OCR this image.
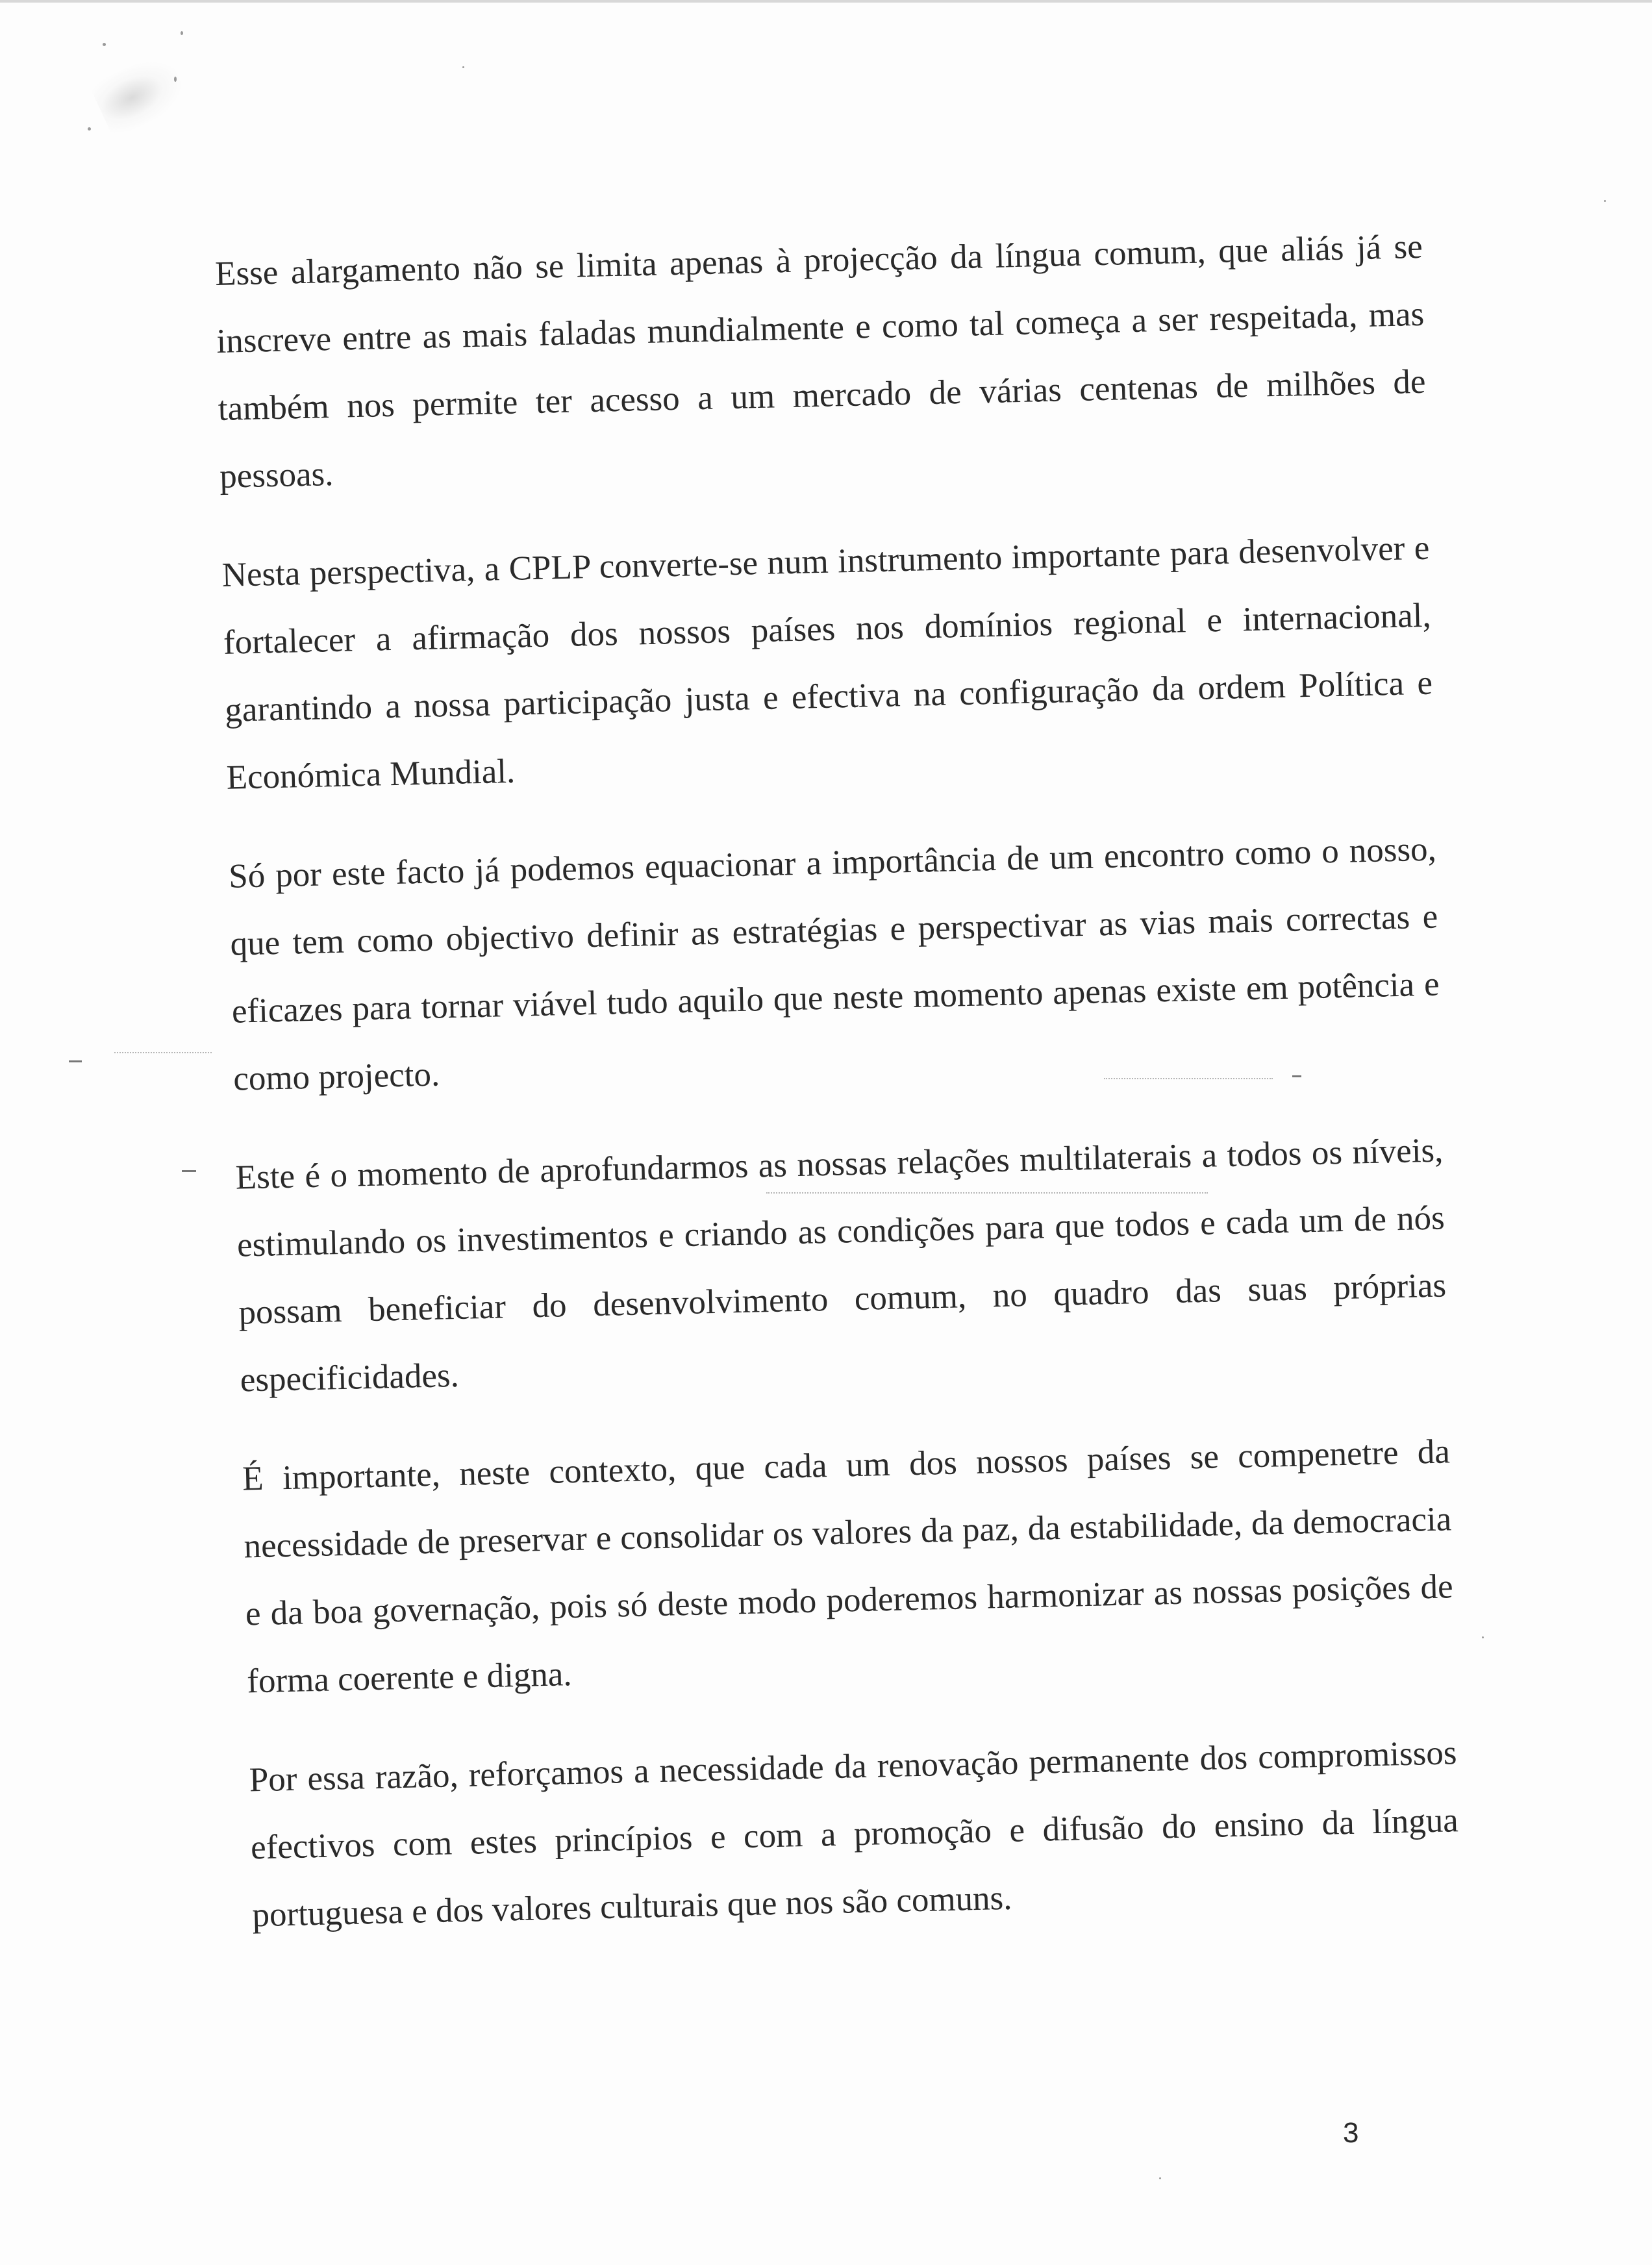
Esse alargamento não se limita apenas à projecção da língua comum, que aliás já se inscreve entre as mais faladas mundialmente e como tal começa a ser respeitada, mas também nos permite ter acesso a um mercado de várias centenas de milhões de pessoas.

Nesta perspectiva, a CPLP converte-se num instrumento importante para desenvolver e fortalecer a afirmação dos nossos países nos domínios regional e internacional, garantindo a nossa participação justa e efectiva na configuração da ordem Política e Económica Mundial.

Só por este facto já podemos equacionar a importância de um encontro como o nosso, que tem como objectivo definir as estratégias e perspectivar as vias mais correctas e eficazes para tornar viável tudo aquilo que neste momento apenas existe em potência e como projecto.

Este é o momento de aprofundarmos as nossas relações multilaterais a todos os níveis, estimulando os investimentos e criando as condições para que todos e cada um de nós possam beneficiar do desenvolvimento comum, no quadro das suas próprias especificidades.

É importante, neste contexto, que cada um dos nossos países se compenetre da necessidade de preservar e consolidar os valores da paz, da estabilidade, da democracia e da boa governação, pois só deste modo poderemos harmonizar as nossas posições de forma coerente e digna.

Por essa razão, reforçamos a necessidade da renovação permanente dos compromissos efectivos com estes princípios e com a promoção e difusão do ensino da língua portuguesa e dos valores culturais que nos são comuns.

3
